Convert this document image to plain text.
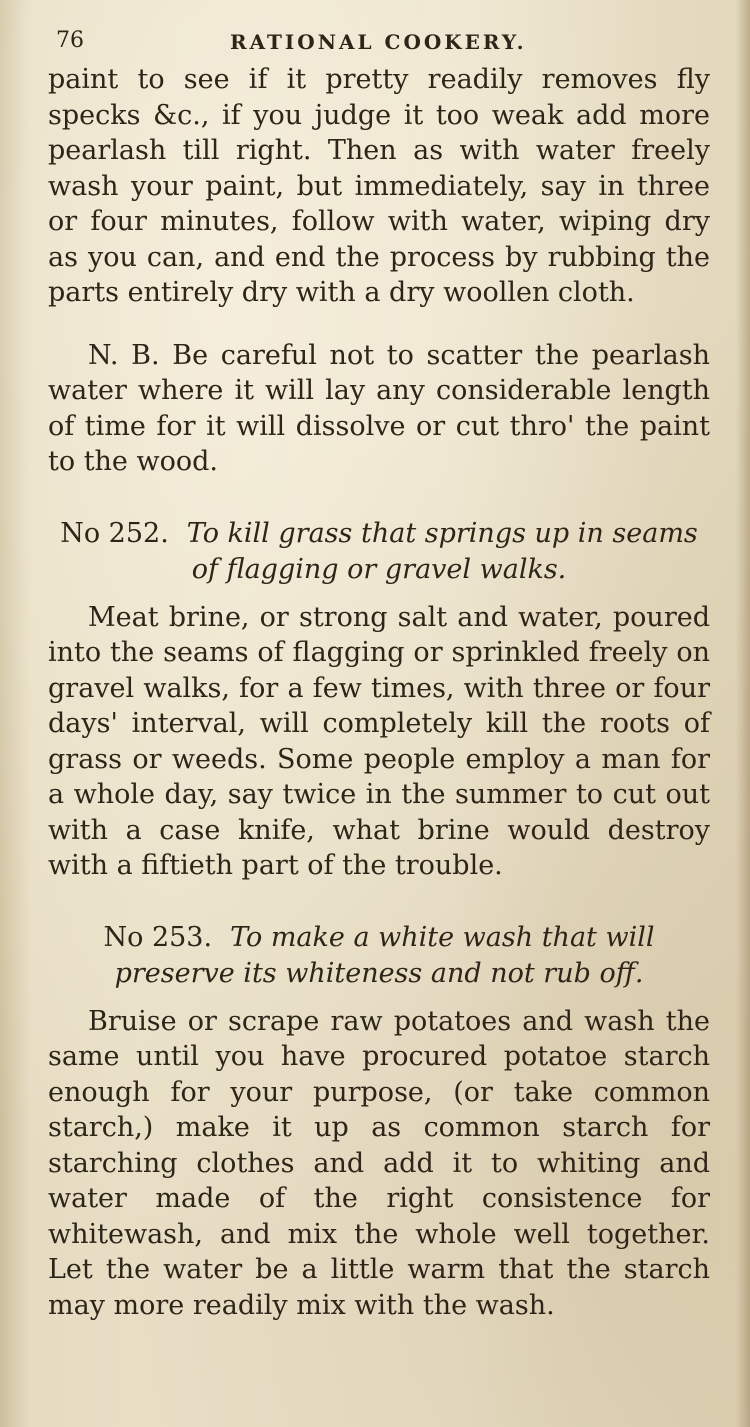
76	RATIONAL COOKERY.

paint to see if it pretty readily removes fly specks &c., if you judge it too weak add more pearlash till right. Then as with water freely wash your paint, but immediately, say in three or four minutes, follow with water, wiping dry as you can, and end the process by rubbing the parts entirely dry with a dry woollen cloth.

N. B. Be careful not to scatter the pearlash water where it will lay any considerable length of time for it will dissolve or cut thro' the paint to the wood.

No 252. To kill grass that springs up in seams of flagging or gravel walks.

Meat brine, or strong salt and water, poured into the seams of flagging or sprinkled freely on gravel walks, for a few times, with three or four days' interval, will completely kill the roots of grass or weeds. Some people employ a man for a whole day, say twice in the summer to cut out with a case knife, what brine would destroy with a fiftieth part of the trouble.

No 253. To make a white wash that will preserve its whiteness and not rub off.

Bruise or scrape raw potatoes and wash the same until you have procured potatoe starch enough for your purpose, (or take common starch,) make it up as common starch for starching clothes and add it to whiting and water made of the right consistence for whitewash, and mix the whole well together. Let the water be a little warm that the starch may more readily mix with the wash.
